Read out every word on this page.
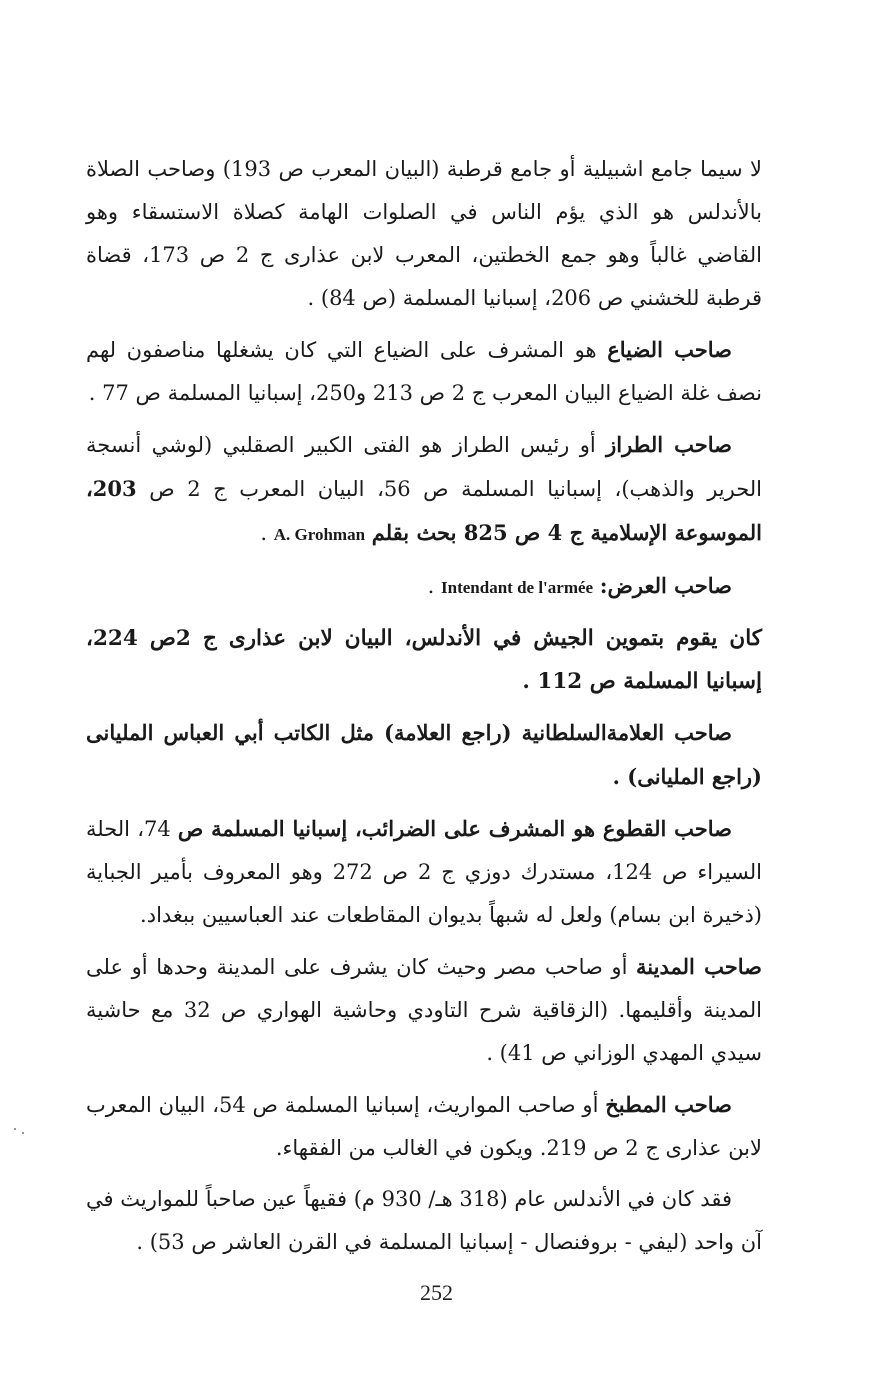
لا سيما جامع اشبيلية أو جامع قرطبة (البيان المعرب ص 193) وصاحب الصلاة بالأندلس هو الذي يؤم الناس في الصلوات الهامة كصلاة الاستسقاء وهو القاضي غالباً وهو جمع الخطتين، المعرب لابن عذارى ج 2 ص 173، قضاة قرطبة للخشني ص 206، إسبانيا المسلمة (ص 84) .

صاحب الضياع هو المشرف على الضياع التي كان يشغلها مناصفون لهم نصف غلة الضياع البيان المعرب ج 2 ص 213 و250، إسبانيا المسلمة ص 77 .

صاحب الطراز أو رئيس الطراز هو الفتى الكبير الصقلبي (لوشي أنسجة الحرير والذهب)، إسبانيا المسلمة ص 56، البيان المعرب ج 2 ص 203، الموسوعة الإسلامية ج 4 ص 825 بحث بقلم A. Grohman .

صاحب العرض: Intendant de l'armée .

كان يقوم بتموين الجيش في الأندلس، البيان لابن عذارى ج 2ص 224، إسبانيا المسلمة ص 112 .

صاحب العلامةالسلطانية (راجع العلامة) مثل الكاتب أبي العباس المليانى (راجع المليانى) .

صاحب القطوع هو المشرف على الضرائب، إسبانيا المسلمة ص 74، الحلة السيراء ص 124، مستدرك دوزي ج 2 ص 272 وهو المعروف بأمير الجباية (ذخيرة ابن بسام) ولعل له شبهاً بديوان المقاطعات عند العباسيين ببغداد.

صاحب المدينة أو صاحب مصر وحيث كان يشرف على المدينة وحدها أو على المدينة وأقليمها. (الزقاقية شرح التاودي وحاشية الهواري ص 32 مع حاشية سيدي المهدي الوزاني ص 41) .

صاحب المطبخ أو صاحب المواريث، إسبانيا المسلمة ص 54، البيان المعرب لابن عذارى ج 2 ص 219. ويكون في الغالب من الفقهاء.

فقد كان في الأندلس عام (318 هـ/ 930 م) فقيهاً عين صاحباً للمواريث في آن واحد (ليفي - بروفنصال - إسبانيا المسلمة في القرن العاشر ص 53) .

252
